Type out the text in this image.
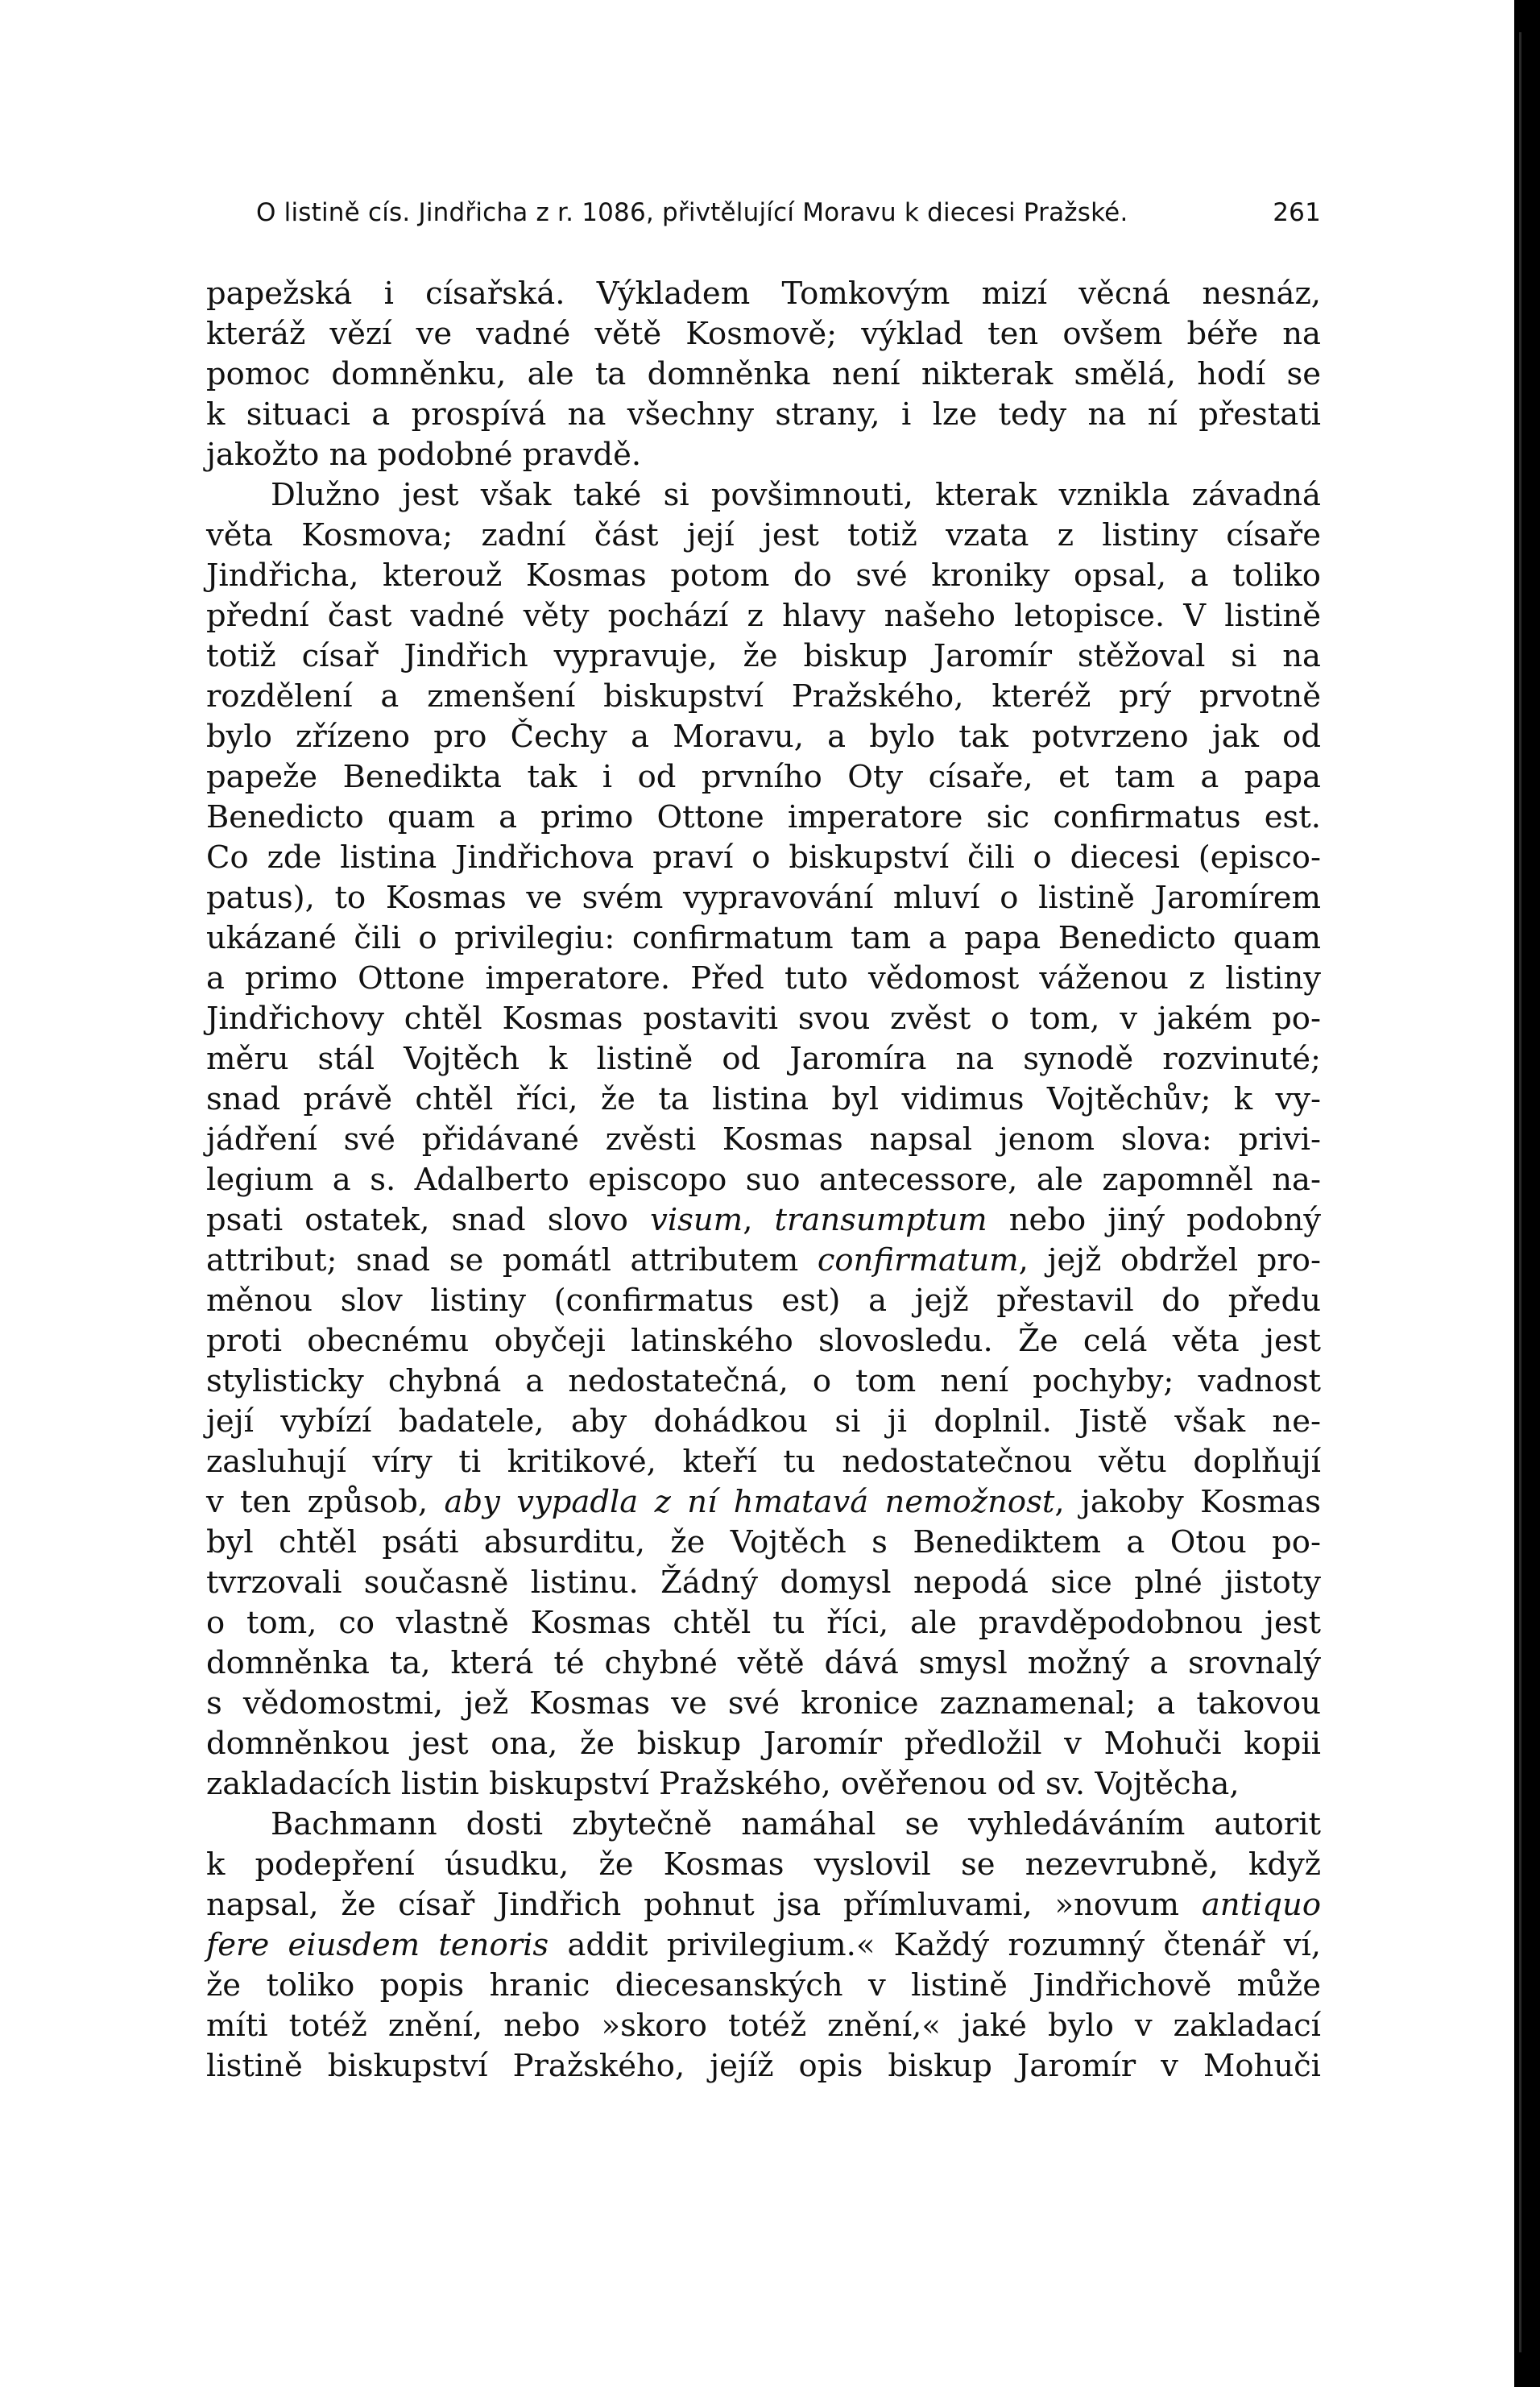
O listině cís. Jindřicha z r. 1086, přivtělující Moravu k diecesi Pražské.	261
papežská i císařská. Výkladem Tomkovým mizí věcná nesnáz,
kteráž vězí ve vadné větě Kosmově; výklad ten ovšem béře na
pomoc domněnku, ale ta domněnka není nikterak smělá, hodí se
k situaci a prospívá na všechny strany, i lze tedy na ní přestati
jakožto na podobné pravdě.
Dlužno jest však také si povšimnouti, kterak vznikla závadná
věta Kosmova; zadní část její jest totiž vzata z listiny císaře
Jindřicha, kterouž Kosmas potom do své kroniky opsal, a toliko
přední čast vadné věty pochází z hlavy našeho letopisce. V listině
totiž císař Jindřich vypravuje, že biskup Jaromír stěžoval si na
rozdělení a zmenšení biskupství Pražského, kteréž prý prvotně
bylo zřízeno pro Čechy a Moravu, a bylo tak potvrzeno jak od
papeže Benedikta tak i od prvního Oty císaře, et tam a papa
Benedicto quam a primo Ottone imperatore sic confirmatus est.
Co zde listina Jindřichova praví o biskupství čili o diecesi (episco-
patus), to Kosmas ve svém vypravování mluví o listině Jaromírem
ukázané čili o privilegiu: confirmatum tam a papa Benedicto quam
a primo Ottone imperatore. Před tuto vědomost váženou z listiny
Jindřichovy chtěl Kosmas postaviti svou zvěst o tom, v jakém po-
měru stál Vojtěch k listině od Jaromíra na synodě rozvinuté;
snad právě chtěl říci, že ta listina byl vidimus Vojtěchův; k vy-
jádření své přidávané zvěsti Kosmas napsal jenom slova: privi-
legium a s. Adalberto episcopo suo antecessore, ale zapomněl na-
psati ostatek, snad slovo visum, transumptum nebo jiný podobný
attribut; snad se pomátl attributem confirmatum, jejž obdržel pro-
měnou slov listiny (confirmatus est) a jejž přestavil do předu
proti obecnému obyčeji latinského slovosledu. Že celá věta jest
stylisticky chybná a nedostatečná, o tom není pochyby; vadnost
její vybízí badatele, aby dohádkou si ji doplnil. Jistě však ne-
zasluhují víry ti kritikové, kteří tu nedostatečnou větu doplňují
v ten způsob, aby vypadla z ní hmatavá nemožnost, jakoby Kosmas
byl chtěl psáti absurditu, že Vojtěch s Benediktem a Otou po-
tvrzovali současně listinu. Žádný domysl nepodá sice plné jistoty
o tom, co vlastně Kosmas chtěl tu říci, ale pravděpodobnou jest
domněnka ta, která té chybné větě dává smysl možný a srovnalý
s vědomostmi, jež Kosmas ve své kronice zaznamenal; a takovou
domněnkou jest ona, že biskup Jaromír předložil v Mohuči kopii
zakladacích listin biskupství Pražského, ověřenou od sv. Vojtěcha,
Bachmann dosti zbytečně namáhal se vyhledáváním autorit
k podepření úsudku, že Kosmas vyslovil se nezevrubně, když
napsal, že císař Jindřich pohnut jsa přímluvami, »novum antiquo
fere eiusdem tenoris addit privilegium.« Každý rozumný čtenář ví,
že toliko popis hranic diecesanských v listině Jindřichově může
míti totéž znění, nebo »skoro totéž znění,« jaké bylo v zakladací
listině biskupství Pražského, jejíž opis biskup Jaromír v Mohuči
